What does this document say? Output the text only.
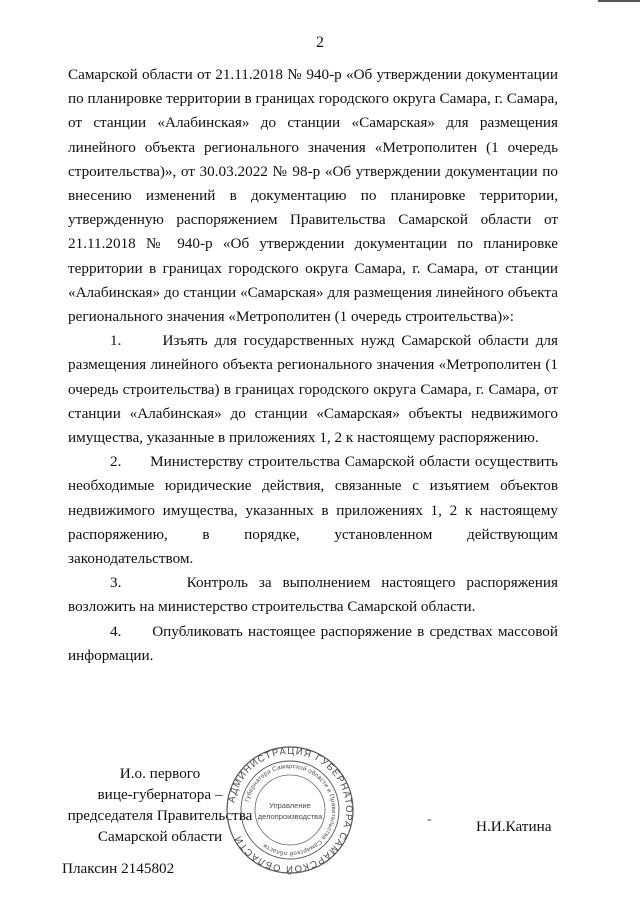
2

Самарской области от 21.11.2018 № 940-р «Об утверждении документации по планировке территории в границах городского округа Самара, г. Самара, от станции «Алабинская» до станции «Самарская» для размещения линейного объекта регионального значения «Метрополитен (1 очередь строительства)», от 30.03.2022 № 98-р «Об утверждении документации по внесению изменений в документацию по планировке территории, утвержденную распоряжением Правительства Самарской области от 21.11.2018 № 940-р «Об утверждении документации по планировке территории в границах городского округа Самара, г. Самара, от станции «Алабинская» до станции «Самарская» для размещения линейного объекта регионального значения «Метрополитен (1 очередь строительства)»:

1.      Изъять для государственных нужд Самарской области для размещения линейного объекта регионального значения «Метрополитен (1 очередь строительства) в границах городского округа Самара, г. Самара, от станции «Алабинская» до станции «Самарская» объекты недвижимого имущества, указанные в приложениях 1, 2 к настоящему распоряжению.

2.      Министерству строительства Самарской области осуществить необходимые юридические действия, связанные с изъятием объектов недвижимого имущества, указанных в приложениях 1, 2 к настоящему распоряжению, в порядке, установленном действующим законодательством.

3.      Контроль за выполнением настоящего распоряжения возложить на министерство строительства Самарской области.

4.      Опубликовать настоящее распоряжение в средствах массовой информации.

И.о. первого
вице-губернатора –
председателя Правительства
Самарской области
АДМИНИСТРАЦИЯ ГУБЕРНАТОРА САМАРСКОЙ ОБЛАСТИ
Губернатора Самарской области и Правительства Самарской области
Управление
делопроизводства	-	Н.И.Катина
Плаксин 2145802
